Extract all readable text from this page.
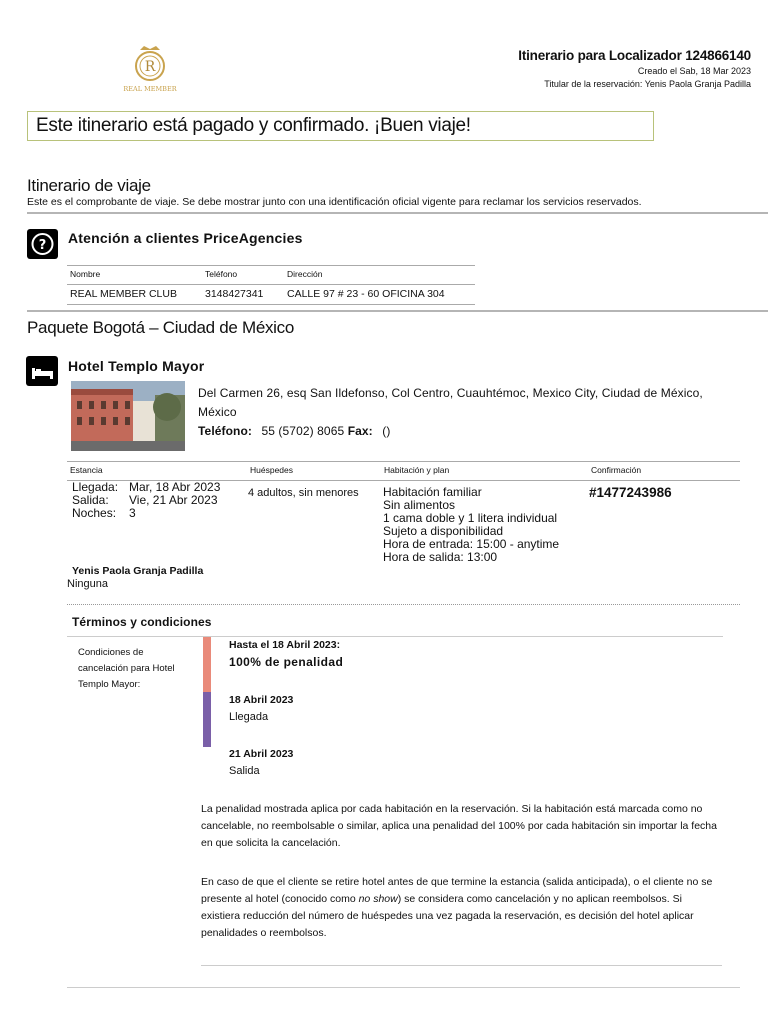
R
REAL MEMBER
Itinerario para Localizador 124866140
Creado el Sab, 18 Mar 2023
Titular de la reservación: Yenis Paola Granja Padilla
Este itinerario está pagado y confirmado. ¡Buen viaje!
Itinerario de viaje
Este es el comprobante de viaje. Se debe mostrar junto con una identificación oficial vigente para reclamar los servicios reservados.
? Atención a clientes PriceAgencies
Nombre	Teléfono	Dirección
REAL MEMBER CLUB	3148427341 CALLE 97 # 23 - 60 OFICINA 304
Paquete Bogotá – Ciudad de México
Hotel Templo Mayor
Del Carmen 26, esq San Ildefonso, Col Centro, Cuauhtémoc, Mexico City, Ciudad de México, México
Teléfono: 55 (5702) 8065 Fax: ()
Estancia	Huéspedes	Habitación y plan	Confirmación
Llegada: Mar, 18 Abr 2023
Salida: Vie, 21 Abr 2023
Noches: 3
4 adultos, sin menores Habitación familiar
Sin alimentos
1 cama doble y 1 litera individual
Sujeto a disponibilidad
Hora de entrada: 15:00 - anytime
Hora de salida: 13:00
#1477243986
Yenis Paola Granja Padilla
Ninguna
Términos y condiciones
Condiciones de cancelación para Hotel Templo Mayor:
Hasta el 18 Abril 2023:
100% de penalidad
18 Abril 2023
Llegada
21 Abril 2023
Salida
La penalidad mostrada aplica por cada habitación en la reservación. Si la habitación está marcada como no cancelable, no reembolsable o similar, aplica una penalidad del 100% por cada habitación sin importar la fecha en que solicita la cancelación.
En caso de que el cliente se retire hotel antes de que termine la estancia (salida anticipada), o el cliente no se presente al hotel (conocido como no show) se considera como cancelación y no aplican reembolsos. Si existiera reducción del número de huéspedes una vez pagada la reservación, es decisión del hotel aplicar penalidades o reembolsos.
